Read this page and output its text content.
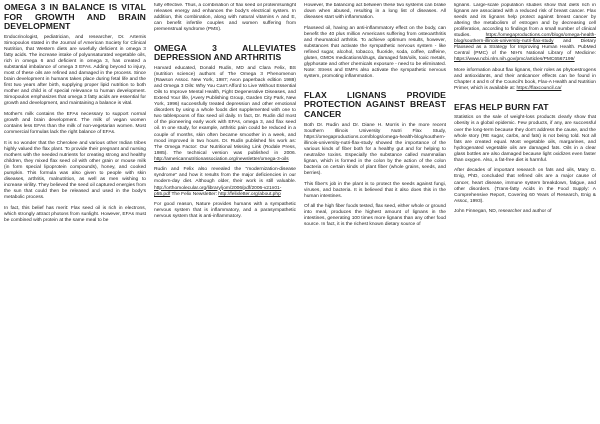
OMEGA 3 IN BALANCE IS VITAL FOR GROWTH AND BRAIN DEVELOPMENT

Endocrinologist, pediatrician, and researcher, Dr. Artemis Simopoulos stated in the Journal of American Society for Clinical Nutrition, that Western diets are woefully deficient in omega 3 fatty acids. The increase intake of polyunsaturated vegetable oils, rich in omega 6 and deficient in omega 3, has created a substantial imbalance of omega 3 EFAs. Adding beyond to injury, most of these oils are refined and damaged in the process. Since brain development in humans takes place during fetal life and the first two years after birth, supplying proper lipid nutrition to both mother and child is of special relevance to human development. Simopoulos emphasizes that omega 3 fatty acids are essential for growth and development, and maintaining a balance is vital.

Mother's milk contains the EFAs necessary to support normal growth and brain development. The milk of vegan women contains less EFAs than the milk of non-vegetarian women. Most commercial formulas lack the right balance of EFAs.

It is no wonder that the Cherokee and various other Indian tribes highly valued the flax plant. To provide their pregnant and nursing mothers with the needed nutrients for creating strong and healthy children, they mixed flax seed oil with other grain or mouse milk (in form special lipoprotein compounds), honey, and cooked pumpkin. This formula was also given to people with skin diseases, arthritis, malnutrition, as well as men wishing to increase virility. They believed the seed oil captured energies from the sun that could then be released and used in the body's metabolic process.

In fact, this belief has merit: Flax seed oil is rich in electrons, which strongly attract photons from sunlight. However, EFAs must be combined with protein at the same meal to be

fully effective. Thus, a combination of flax seed oil protein/sunlight releases energy and enhances the body's electrical system. In addition, this combination, along with natural vitamins A and E, can benefit infertile couples and women suffering from premenstrual syndrome (PMS).

OMEGA 3 ALLEVIATES DEPRESSION AND ARTHRITIS

Harvard educated, Donald Rudin, MD and Clara Felix, BS (nutrition science) authors of The Omega 3 Phenomenon (Rawson Assoc. New York, 1987; Avon paperback edition 1988) and Omega 3 Oils: Why You Can't Afford to Live Without Essential Oils to Improve Mental Health, Fight Degenerative Diseases, and Extend Your life, (Avery Publishing Group, Garden City Park, New York, 1996) successfully treated depression and other emotional disorders by using a whole foods diet supplemented with one to two tablespoons of flax seed oil daily. In fact, Dr. Rudin did most of the pioneering early work with EFAs, omega 3, and flax seed oil. In one study, for example, arthritic pain could be reduced in a couple of months, skin often became smoother in a week, and mood improved in two hours. Dr. Rudin published his work as: The Omega Factor: Our Nutritional Missing Link (Rodale Press, 1985). The technical version was published in 2006. http://americannutritionassociation.org/newsletter/omega-3-oils

Rudin and Felix also revealed the "modernization-disease syndrome" and how it results from the major deficiencies in our modern-day diet. Although older, their work is still valuable. http://orthomolecular.org/library/jom/2006/pdf/2006-v21n01-p55.pdf The Felix Newsletter: http://felixletter.org/about.php

For good reason, Nature provides humans with a sympathetic nervous system that is inflammatory, and a parasympathetic nervous system that is anti-inflammatory.

However, the balancing act between these two systems can brake down when abused, resulting in a long list of diseases. All diseases start with inflammation.

Flaxseed oil, having an anti-inflammatory effect on the body, can benefit the 40 plus million Americans suffering from osteoarthritis and rheumatoid arthritis. To achieve optimum results, however, substances that activate the sympathetic nervous system - like refined sugar, alcohol, tobacco, fluoride, soda, coffee, caffeine, gluten, GMOs medications/drugs, damaged fats/oils, toxic metals, glyphosate and other chemicals exposure - need to be eliminated. Note: Stress and EMFs also activate the sympathetic nervous system, promoting inflammation.

FLAX LIGNANS PROVIDE PROTECTION AGAINST BREAST CANCER

Both Dr. Rudin and Dr. Diane H. Morris in the more recent Southern Illinois University Nutri Flax Study, https://omegaproductions.com/blogs/omega-health-blog/southern-illinois-university-nutri-flax-study showed the importance of the various kinds of fiber both for a healthy gut and for helping to neutralize toxins. Especially the substance called mammalian lignan, which is formed in the colon by the action of the colon bacteria on certain kinds of plant fiber (whole grains, seeds, and berries).

This fiber's job in the plant is to protect the seeds against fungi, viruses, and bacteria. It is believed that it also does this in the human intestines.

Of all the high fiber foods tested, flax seed, either whole or ground into meal, produces the highest amount of lignans in the intestines, generating 100 times more lignans than any other food source. In fact, it is the richest known dietary source of

lignans. Large-scale population studies show that diets rich in lignans are associated with a reduced risk of breast cancer. Flax seeds and its lignans help protect against breast cancer by altering the metabolism of estrogen and by decreasing cell proliferation, according to findings from a small number of clinical studies.	https://omegaproductions.com/blogs/omega-health-blog/southern-illinois-university-nutri-flax-study and Dietary Flaxseed as a Strategy for Improving Human Health. PubMed Central (PMC) of the NIH's National Library of Medicine: https://www.ncbi.nlm.nih.gov/pmc/articles/PMC6567199/

More information about flax lignans, their roles as phytoestrogens and antioxidants, and their anticancer effects can be found in Chapter 4 and 6 of the Council's book, Flax-A Health and Nutrition Primer, which is available at: https://flaxcouncil.ca/

EFAS HELP BURN FAT

Statistics on the sale of weight-loss products clearly show that obesity is a global epidemic. Few products, if any, are successful over the long-term because they don't address the cause, and the whole story (RE sugar, carbs, and fats) is not being told. Not all fats are created equal. Most vegetable oils, margarines, and hydrogenated vegetable oils are damaged fats. Oils in a clear glass bottles are also damaged because light oxidizes even faster than oxygen. Also, a fat-free diet is harmful.

After decades of important research on fats and oils, Mary G. Enig, PhD, concluded that refined oils are a major cause of cancer, heart disease, immune system breakdown, fatigue, and other disorders. (Trans-fatty Acids in the Food Supply: A Comprehensive Report, Covering 60 Years of Research, Enig & Assoc, 1993).

John Finnegan, ND, researcher and author of
